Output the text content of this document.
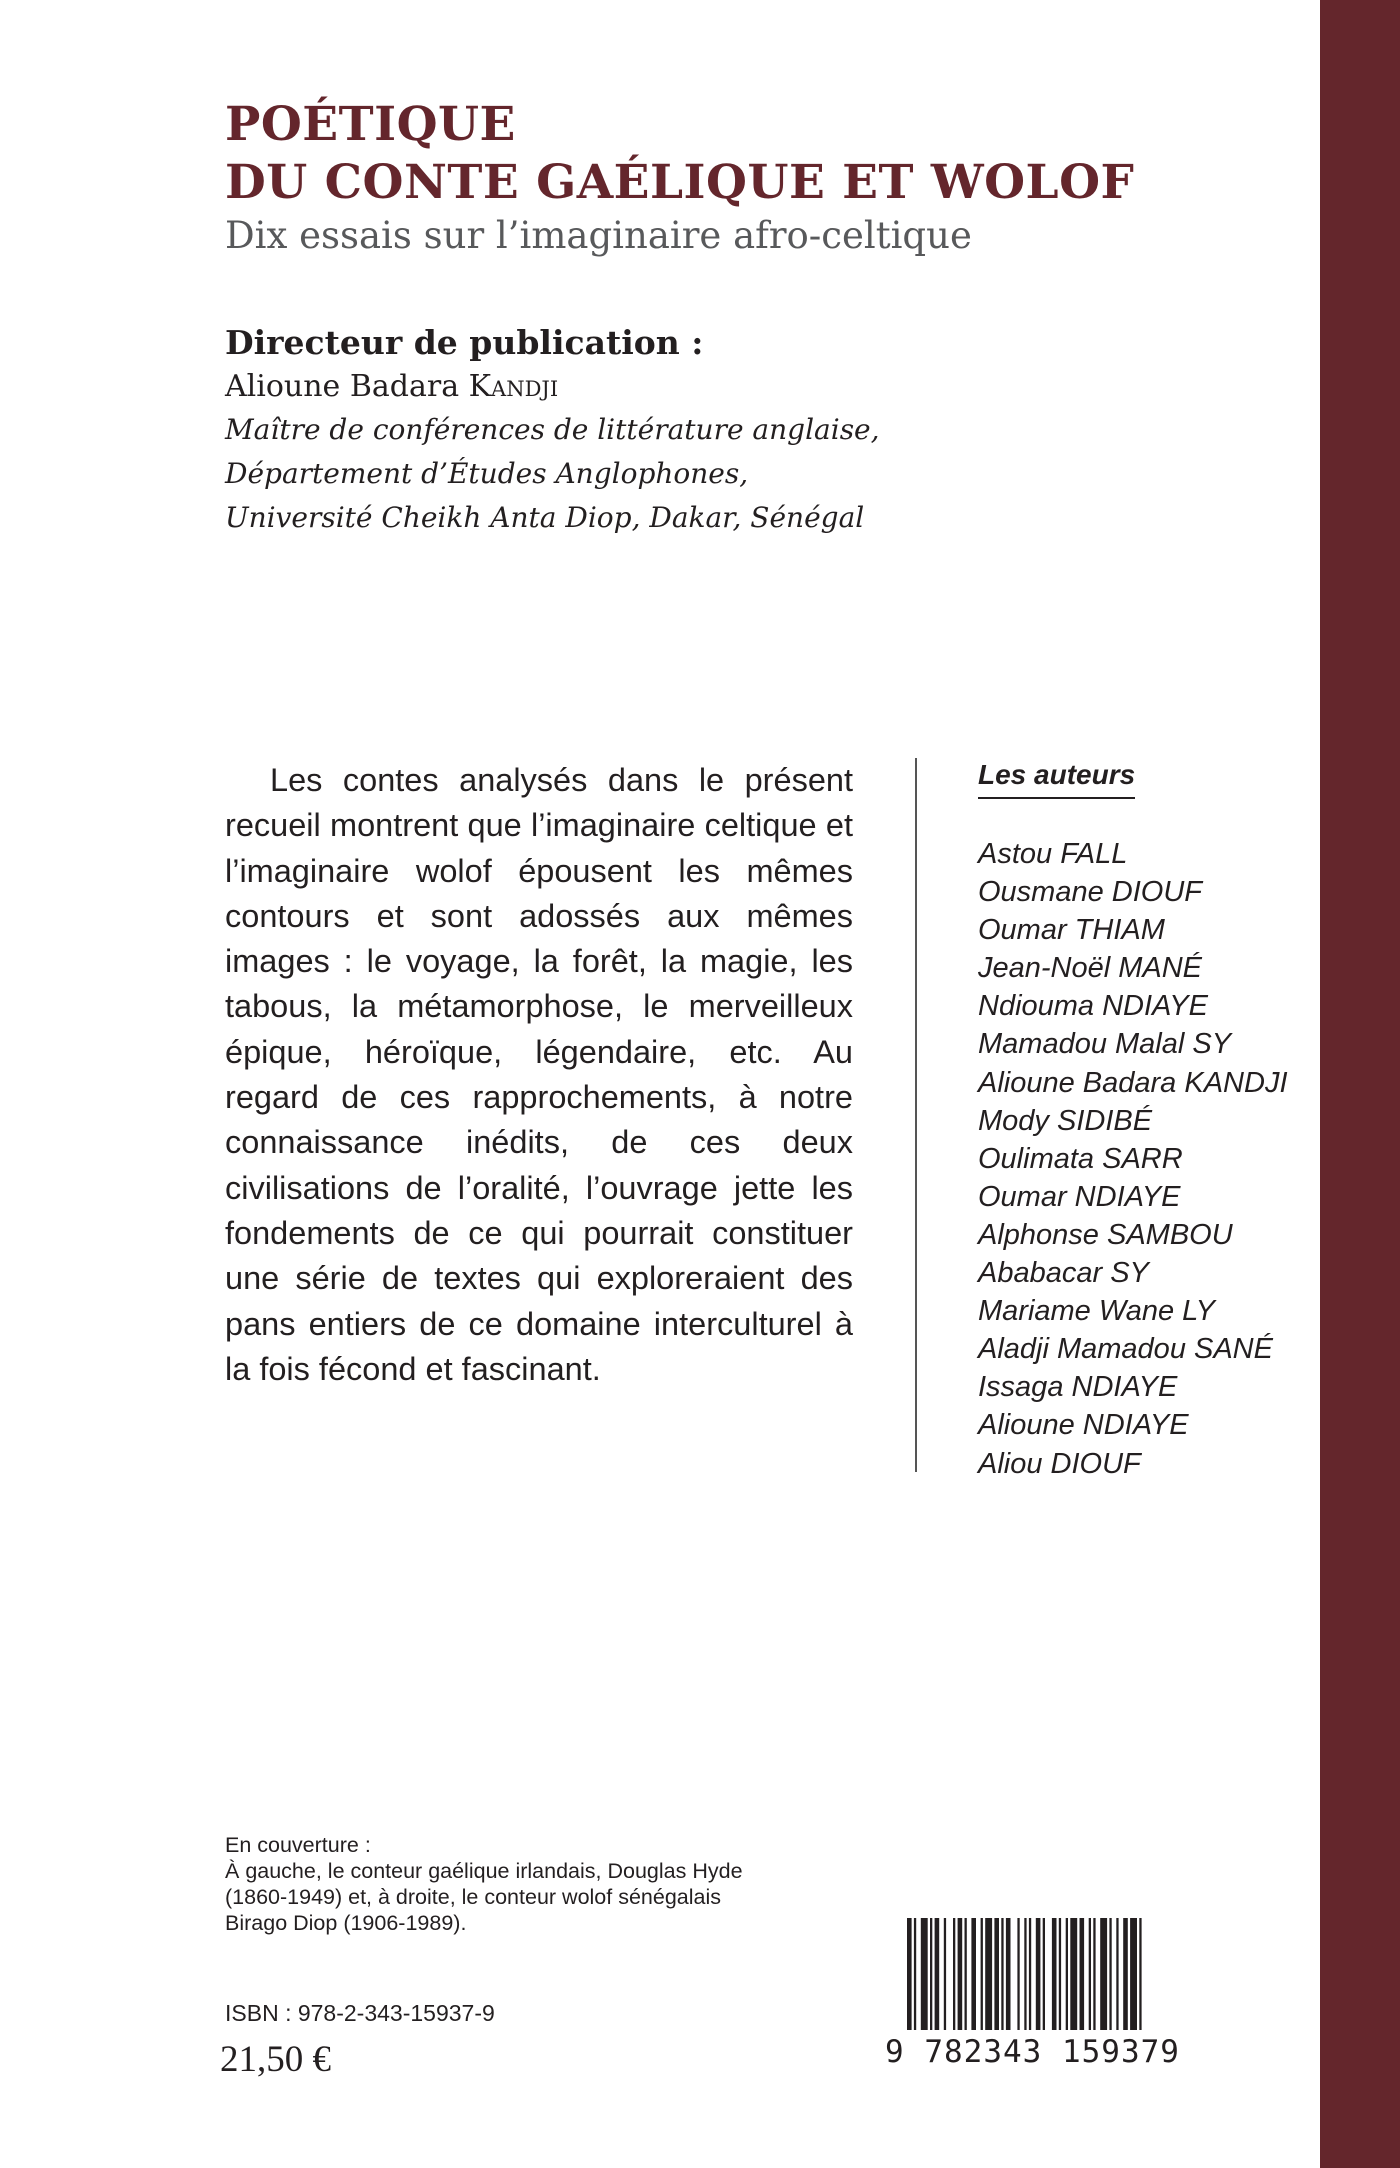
POÉTIQUE
DU CONTE GAÉLIQUE ET WOLOF
Dix essais sur l’imaginaire afro-celtique
Directeur de publication :
Alioune Badara Kandji
Maître de conférences de littérature anglaise,
Département d’Études Anglophones,
Université Cheikh Anta Diop, Dakar, Sénégal

Les contes analysés dans le présent recueil montrent que l’imaginaire celtique et l’imaginaire wolof épousent les mêmes contours et sont adossés aux mêmes images : le voyage, la forêt, la magie, les tabous, la métamorphose, le merveilleux épique, héroïque, légendaire, etc. Au regard de ces rapprochements, à notre connaissance inédits, de ces deux civilisations de l’oralité, l’ouvrage jette les fondements de ce qui pourrait constituer une série de textes qui exploreraient des pans entiers de ce domaine interculturel à la fois fécond et fascinant.

Les auteurs
Astou FALL
Ousmane DIOUF
Oumar THIAM
Jean-Noël MANÉ
Ndiouma NDIAYE
Mamadou Malal SY
Alioune Badara KANDJI
Mody SIDIBÉ
Oulimata SARR
Oumar NDIAYE
Alphonse SAMBOU
Ababacar SY
Mariame Wane LY
Aladji Mamadou SANÉ
Issaga NDIAYE
Alioune NDIAYE
Aliou DIOUF
En couverture :
À gauche, le conteur gaélique irlandais, Douglas Hyde
(1860-1949) et, à droite, le conteur wolof sénégalais
Birago Diop (1906-1989).
ISBN : 978-2-343-15937-9
21,50 €	9 782343 159379
